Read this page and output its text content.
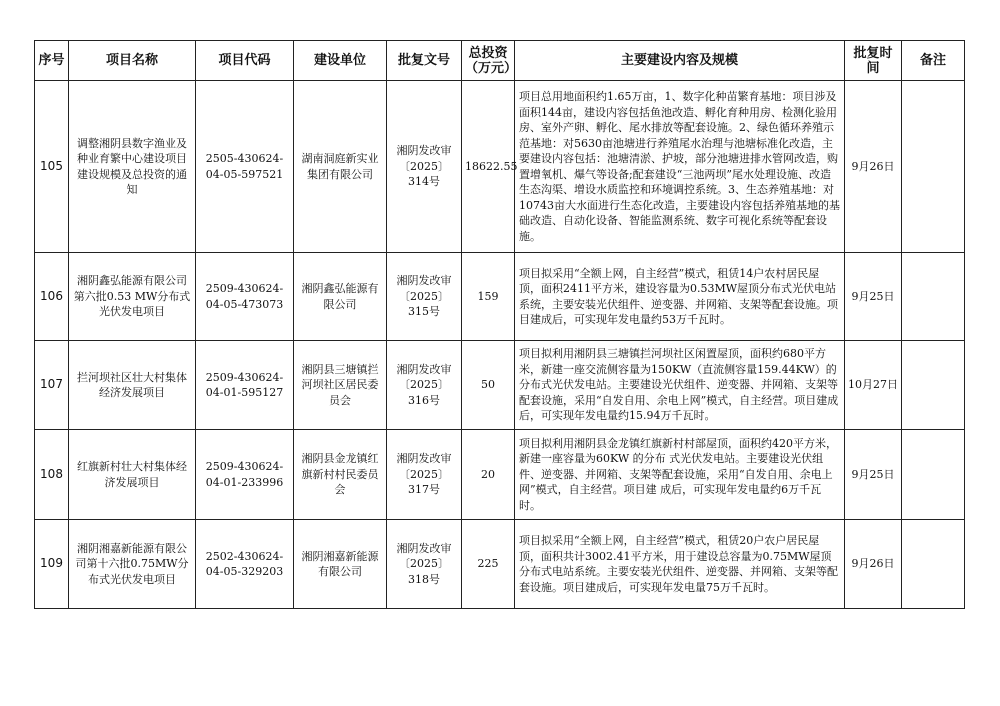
序号	项目名称	项目代码	建设单位	批复文号	总投资（万元）	主要建设内容及规模	批复时间	备注
105	调整湘阴县数字渔业及种业育繁中心建设项目建设规模及总投资的通知	2505-430624-04-05-597521	湖南洞庭新实业集团有限公司	湘阴发改审〔2025〕314号	18622.55	项目总用地面积约1.65万亩，1、数字化种苗繁育基地：项目涉及面积144亩，建设内容包括鱼池改造、孵化育种用房、检测化验用房、室外产卵、孵化、尾水排放等配套设施。2、绿色循环养殖示范基地：对5630亩池塘进行养殖尾水治理与池塘标准化改造，主要建设内容包括：池塘清淤、护坡，部分池塘进排水管网改造，购置增氧机、爆气等设备;配套建设“三池两坝”尾水处理设施、改造生态沟渠、增设水质监控和环境调控系统。3、生态养殖基地：对10743亩大水面进行生态化改造，主要建设内容包括养殖基地的基础改造、自动化设备、智能监测系统、数字可视化系统等配套设施。	9月26日	
106	湘阴鑫弘能源有限公司第六批0.53 MW分布式光伏发电项目	2509-430624-04-05-473073	湘阴鑫弘能源有限公司	湘阴发改审〔2025〕315号	159	项目拟采用“全额上网，自主经营”模式，租赁14户农村居民屋顶，面积2411平方米，建设容量为0.53MW屋顶分布式光伏电站系统，主要安装光伏组件、逆变器、并网箱、支架等配套设施。项目建成后，可实现年发电量约53万千瓦时。	9月25日	
107	拦河坝社区壮大村集体经济发展项目	2509-430624-04-01-595127	湘阴县三塘镇拦河坝社区居民委员会	湘阴发改审〔2025〕316号	50	项目拟利用湘阴县三塘镇拦河坝社区闲置屋顶，面积约680平方米，新建一座交流侧容量为150KW（直流侧容量159.44KW）的分布式光伏发电站。主要建设光伏组件、逆变器、并网箱、支架等配套设施，采用“自发自用、余电上网”模式，自主经营。项目建成后，可实现年发电量约15.94万千瓦时。	10月27日	
108	红旗新村壮大村集体经济发展项目	2509-430624-04-01-233996	湘阴县金龙镇红旗新村村民委员会	湘阴发改审〔2025〕317号	20	项目拟利用湘阴县金龙镇红旗新村村部屋顶，面积约420平方米，新建一座容量为60KW 的分布 式光伏发电站。主要建设光伏组件、逆变器、并网箱、支架等配套设施，采用“自发自用、余电上网”模式，自主经营。项目建 成后，可实现年发电量约6万千瓦时。	9月25日	
109	湘阴湘嘉新能源有限公司第十六批0.75MW分布式光伏发电项目	2502-430624-04-05-329203	湘阴湘嘉新能源有限公司	湘阴发改审〔2025〕318号	225	项目拟采用“全额上网，自主经营”模式，租赁20户农户居民屋顶，面积共计3002.41平方米，用于建设总容量为0.75MW屋顶分布式电站系统。主要安装光伏组件、逆变器、并网箱、支架等配套设施。项目建成后，可实现年发电量75万千瓦时。	9月26日	
